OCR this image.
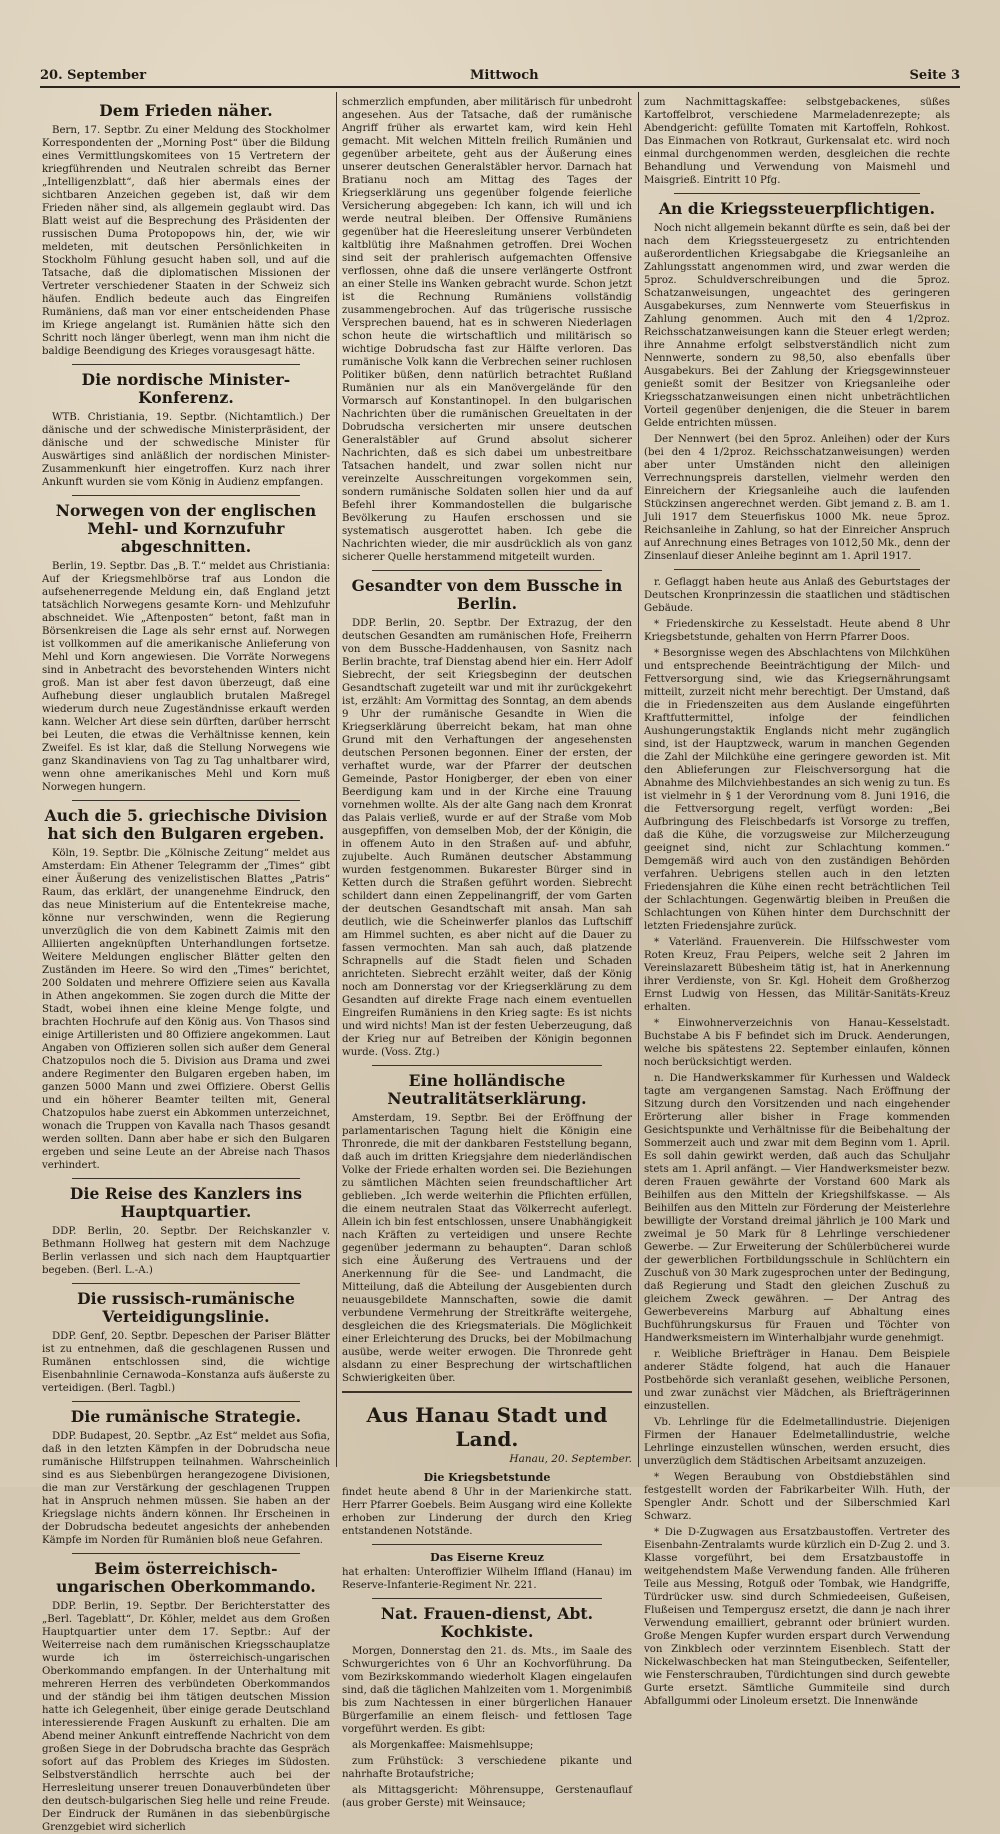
20. September	Mittwoch	Seite 3
Dem Frieden näher.

Bern, 17. Septbr. Zu einer Meldung des Stockholmer Korrespondenten der „Morning Post“ über die Bildung eines Vermittlungskomitees von 15 Vertretern der kriegführenden und Neutralen schreibt das Berner „Intelligenzblatt“, daß hier abermals eines der sichtbaren Anzeichen gegeben ist, daß wir dem Frieden näher sind, als allgemein geglaubt wird. Das Blatt weist auf die Besprechung des Präsidenten der russischen Duma Protopopows hin, der, wie wir meldeten, mit deutschen Persönlichkeiten in Stockholm Fühlung gesucht haben soll, und auf die Tatsache, daß die diplomatischen Missionen der Vertreter verschiedener Staaten in der Schweiz sich häufen. Endlich bedeute auch das Eingreifen Rumäniens, daß man vor einer entscheidenden Phase im Kriege angelangt ist. Rumänien hätte sich den Schritt noch länger überlegt, wenn man ihm nicht die baldige Beendigung des Krieges vorausgesagt hätte.

Die nordische Minister-Konferenz.

WTB. Christiania, 19. Septbr. (Nichtamtlich.) Der dänische und der schwedische Ministerpräsident, der dänische und der schwedische Minister für Auswärtiges sind anläßlich der nordischen Minister-Zusammenkunft hier eingetroffen. Kurz nach ihrer Ankunft wurden sie vom König in Audienz empfangen.

Norwegen von der englischen Mehl- und Kornzufuhr abgeschnitten.

Berlin, 19. Septbr. Das „B. T.“ meldet aus Christiania: Auf der Kriegsmehlbörse traf aus London die aufsehenerregende Meldung ein, daß England jetzt tatsächlich Norwegens gesamte Korn- und Mehlzufuhr abschneidet. Wie „Aftenposten“ betont, faßt man in Börsenkreisen die Lage als sehr ernst auf. Norwegen ist vollkommen auf die amerikanische Anlieferung von Mehl und Korn angewiesen. Die Vorräte Norwegens sind in Anbetracht des bevorstehenden Winters nicht groß. Man ist aber fest davon überzeugt, daß eine Aufhebung dieser unglaublich brutalen Maßregel wiederum durch neue Zugeständnisse erkauft werden kann. Welcher Art diese sein dürften, darüber herrscht bei Leuten, die etwas die Verhältnisse kennen, kein Zweifel. Es ist klar, daß die Stellung Norwegens wie ganz Skandinaviens von Tag zu Tag unhaltbarer wird, wenn ohne amerikanisches Mehl und Korn muß Norwegen hungern.

Auch die 5. griechische Division hat sich den Bulgaren ergeben.

Köln, 19. Septbr. Die „Kölnische Zeitung“ meldet aus Amsterdam: Ein Athener Telegramm der „Times“ gibt einer Äußerung des venizelistischen Blattes „Patris“ Raum, das erklärt, der unangenehme Eindruck, den das neue Ministerium auf die Ententekreise mache, könne nur verschwinden, wenn die Regierung unverzüglich die von dem Kabinett Zaimis mit den Alliierten angeknüpften Unterhandlungen fortsetze. Weitere Meldungen englischer Blätter gelten den Zuständen im Heere. So wird den „Times“ berichtet, 200 Soldaten und mehrere Offiziere seien aus Kavalla in Athen angekommen. Sie zogen durch die Mitte der Stadt, wobei ihnen eine kleine Menge folgte, und brachten Hochrufe auf den König aus. Von Thasos sind einige Artilleristen und 80 Offiziere angekommen. Laut Angaben von Offizieren sollen sich außer dem General Chatzopulos noch die 5. Division aus Drama und zwei andere Regimenter den Bulgaren ergeben haben, im ganzen 5000 Mann und zwei Offiziere. Oberst Gellis und ein höherer Beamter teilten mit, General Chatzopulos habe zuerst ein Abkommen unterzeichnet, wonach die Truppen von Kavalla nach Thasos gesandt werden sollten. Dann aber habe er sich den Bulgaren ergeben und seine Leute an der Abreise nach Thasos verhindert.

Die Reise des Kanzlers ins Hauptquartier.

DDP. Berlin, 20. Septbr. Der Reichskanzler v. Bethmann Hollweg hat gestern mit dem Nachzuge Berlin verlassen und sich nach dem Hauptquartier begeben. (Berl. L.-A.)

Die russisch-rumänische Verteidigungslinie.

DDP. Genf, 20. Septbr. Depeschen der Pariser Blätter ist zu entnehmen, daß die geschlagenen Russen und Rumänen entschlossen sind, die wichtige Eisenbahnlinie Cernawoda–Konstanza aufs äußerste zu verteidigen. (Berl. Tagbl.)

Die rumänische Strategie.

DDP. Budapest, 20. Septbr. „Az Est“ meldet aus Sofia, daß in den letzten Kämpfen in der Dobrudscha neue rumänische Hilfstruppen teilnahmen. Wahrscheinlich sind es aus Siebenbürgen herangezogene Divisionen, die man zur Verstärkung der geschlagenen Truppen hat in Anspruch nehmen müssen. Sie haben an der Kriegslage nichts ändern können. Ihr Erscheinen in der Dobrudscha bedeutet angesichts der anhebenden Kämpfe im Norden für Rumänien bloß neue Gefahren.

Beim österreichisch-ungarischen Oberkommando.

DDP. Berlin, 19. Septbr. Der Berichterstatter des „Berl. Tageblatt“, Dr. Köhler, meldet aus dem Großen Hauptquartier unter dem 17. Septbr.: Auf der Weiterreise nach dem rumänischen Kriegsschauplatze wurde ich im österreichisch-ungarischen Oberkommando empfangen. In der Unterhaltung mit mehreren Herren des verbündeten Oberkommandos und der ständig bei ihm tätigen deutschen Mission hatte ich Gelegenheit, über einige gerade Deutschland interessierende Fragen Auskunft zu erhalten. Die am Abend meiner Ankunft eintreffende Nachricht von dem großen Siege in der Dobrudscha brachte das Gespräch sofort auf das Problem des Krieges im Südosten. Selbstverständlich herrschte auch bei der Herresleitung unserer treuen Donauverbündeten über den deutsch-bulgarischen Sieg helle und reine Freude. Der Eindruck der Rumänen in das siebenbürgische Grenzgebiet wird sicherlich

schmerzlich empfunden, aber militärisch für unbedroht angesehen. Aus der Tatsache, daß der rumänische Angriff früher als erwartet kam, wird kein Hehl gemacht. Mit welchen Mitteln freilich Rumänien und gegenüber arbeitete, geht aus der Äußerung eines unserer deutschen Generalstäbler hervor. Darnach hat Bratianu noch am Mittag des Tages der Kriegserklärung uns gegenüber folgende feierliche Versicherung abgegeben: Ich kann, ich will und ich werde neutral bleiben. Der Offensive Rumäniens gegenüber hat die Heeresleitung unserer Verbündeten kaltblütig ihre Maßnahmen getroffen. Drei Wochen sind seit der prahlerisch aufgemachten Offensive verflossen, ohne daß die unsere verlängerte Ostfront an einer Stelle ins Wanken gebracht wurde. Schon jetzt ist die Rechnung Rumäniens vollständig zusammengebrochen. Auf das trügerische russische Versprechen bauend, hat es in schweren Niederlagen schon heute die wirtschaftlich und militärisch so wichtige Dobrudscha fast zur Hälfte verloren. Das rumänische Volk kann die Verbrechen seiner ruchlosen Politiker büßen, denn natürlich betrachtet Rußland Rumänien nur als ein Manövergelände für den Vormarsch auf Konstantinopel. In den bulgarischen Nachrichten über die rumänischen Greueltaten in der Dobrudscha versicherten mir unsere deutschen Generalstäbler auf Grund absolut sicherer Nachrichten, daß es sich dabei um unbestreitbare Tatsachen handelt, und zwar sollen nicht nur vereinzelte Ausschreitungen vorgekommen sein, sondern rumänische Soldaten sollen hier und da auf Befehl ihrer Kommandostellen die bulgarische Bevölkerung zu Haufen erschossen und sie systematisch ausgerottet haben. Ich gebe die Nachrichten wieder, die mir ausdrücklich als von ganz sicherer Quelle herstammend mitgeteilt wurden.

Gesandter von dem Bussche in Berlin.

DDP. Berlin, 20. Septbr. Der Extrazug, der den deutschen Gesandten am rumänischen Hofe, Freiherrn von dem Bussche-Haddenhausen, von Sasnitz nach Berlin brachte, traf Dienstag abend hier ein. Herr Adolf Siebrecht, der seit Kriegsbeginn der deutschen Gesandtschaft zugeteilt war und mit ihr zurückgekehrt ist, erzählt: Am Vormittag des Sonntag, an dem abends 9 Uhr der rumänische Gesandte in Wien die Kriegserklärung überreicht bekam, hat man ohne Grund mit den Verhaftungen der angesehensten deutschen Personen begonnen. Einer der ersten, der verhaftet wurde, war der Pfarrer der deutschen Gemeinde, Pastor Honigberger, der eben von einer Beerdigung kam und in der Kirche eine Trauung vornehmen wollte. Als der alte Gang nach dem Kronrat das Palais verließ, wurde er auf der Straße vom Mob ausgepfiffen, von demselben Mob, der der Königin, die in offenem Auto in den Straßen auf- und abfuhr, zujubelte. Auch Rumänen deutscher Abstammung wurden festgenommen. Bukarester Bürger sind in Ketten durch die Straßen geführt worden. Siebrecht schildert dann einen Zeppelinangriff, der vom Garten der deutschen Gesandtschaft mit ansah. Man sah deutlich, wie die Scheinwerfer planlos das Luftschiff am Himmel suchten, es aber nicht auf die Dauer zu fassen vermochten. Man sah auch, daß platzende Schrapnells auf die Stadt fielen und Schaden anrichteten. Siebrecht erzählt weiter, daß der König noch am Donnerstag vor der Kriegserklärung zu dem Gesandten auf direkte Frage nach einem eventuellen Eingreifen Rumäniens in den Krieg sagte: Es ist nichts und wird nichts! Man ist der festen Ueberzeugung, daß der Krieg nur auf Betreiben der Königin begonnen wurde. (Voss. Ztg.)

Eine holländische Neutralitätserklärung.

Amsterdam, 19. Septbr. Bei der Eröffnung der parlamentarischen Tagung hielt die Königin eine Thronrede, die mit der dankbaren Feststellung begann, daß auch im dritten Kriegsjahre dem niederländischen Volke der Friede erhalten worden sei. Die Beziehungen zu sämtlichen Mächten seien freundschaftlicher Art geblieben. „Ich werde weiterhin die Pflichten erfüllen, die einem neutralen Staat das Völkerrecht auferlegt. Allein ich bin fest entschlossen, unsere Unabhängigkeit nach Kräften zu verteidigen und unsere Rechte gegenüber jedermann zu behaupten“. Daran schloß sich eine Äußerung des Vertrauens und der Anerkennung für die See- und Landmacht, die Mitteilung, daß die Abteilung der Ausgebienten durch neuausgebildete Mannschaften, sowie die damit verbundene Vermehrung der Streitkräfte weitergehe, desgleichen die des Kriegsmaterials. Die Möglichkeit einer Erleichterung des Drucks, bei der Mobilmachung ausübe, werde weiter erwogen. Die Thronrede geht alsdann zu einer Besprechung der wirtschaftlichen Schwierigkeiten über.

Aus Hanau Stadt und Land.
Hanau, 20. September.
Die Kriegsbetstunde

findet heute abend 8 Uhr in der Marienkirche statt. Herr Pfarrer Goebels. Beim Ausgang wird eine Kollekte erhoben zur Linderung der durch den Krieg entstandenen Notstände.

Das Eiserne Kreuz

hat erhalten: Unteroffizier Wilhelm Iffland (Hanau) im Reserve-Infanterie-Regiment Nr. 221.

Nat. Frauen-dienst, Abt. Kochkiste.

Morgen, Donnerstag den 21. ds. Mts., im Saale des Schwurgerichtes von 6 Uhr an Kochvorführung. Da vom Bezirkskommando wiederholt Klagen eingelaufen sind, daß die täglichen Mahlzeiten vom 1. Morgenimbiß bis zum Nachtessen in einer bürgerlichen Hanauer Bürgerfamilie an einem fleisch- und fettlosen Tage vorgeführt werden. Es gibt:

als Morgenkaffee: Maismehlsuppe;

zum Frühstück: 3 verschiedene pikante und nahrhafte Brotaufstriche;

als Mittagsgericht: Möhrensuppe, Gerstenauflauf (aus grober Gerste) mit Weinsauce;

zum Nachmittagskaffee: selbstgebackenes, süßes Kartoffelbrot, verschiedene Marmeladenrezepte; als Abendgericht: gefüllte Tomaten mit Kartoffeln, Rohkost. Das Einmachen von Rotkraut, Gurkensalat etc. wird noch einmal durchgenommen werden, desgleichen die rechte Behandlung und Verwendung von Maismehl und Maisgrieß. Eintritt 10 Pfg.

An die Kriegssteuerpflichtigen.

Noch nicht allgemein bekannt dürfte es sein, daß bei der nach dem Kriegssteuergesetz zu entrichtenden außerordentlichen Kriegsabgabe die Kriegsanleihe an Zahlungsstatt angenommen wird, und zwar werden die 5proz. Schuldverschreibungen und die 5proz. Schatzanweisungen, ungeachtet des geringeren Ausgabekurses, zum Nennwerte vom Steuerfiskus in Zahlung genommen. Auch mit den 4 1/2proz. Reichsschatzanweisungen kann die Steuer erlegt werden; ihre Annahme erfolgt selbstverständlich nicht zum Nennwerte, sondern zu 98,50, also ebenfalls über Ausgabekurs. Bei der Zahlung der Kriegsgewinnsteuer genießt somit der Besitzer von Kriegsanleihe oder Kriegsschatzanweisungen einen nicht unbeträchtlichen Vorteil gegenüber denjenigen, die die Steuer in barem Gelde entrichten müssen.

Der Nennwert (bei den 5proz. Anleihen) oder der Kurs (bei den 4 1/2proz. Reichsschatzanweisungen) werden aber unter Umständen nicht den alleinigen Verrechnungspreis darstellen, vielmehr werden den Einreichern der Kriegsanleihe auch die laufenden Stückzinsen angerechnet werden. Gibt jemand z. B. am 1. Juli 1917 dem Steuerfiskus 1000 Mk. neue 5proz. Reichsanleihe in Zahlung, so hat der Einreicher Anspruch auf Anrechnung eines Betrages von 1012,50 Mk., denn der Zinsenlauf dieser Anleihe beginnt am 1. April 1917.

r. Geflaggt haben heute aus Anlaß des Geburtstages der Deutschen Kronprinzessin die staatlichen und städtischen Gebäude.

* Friedenskirche zu Kesselstadt. Heute abend 8 Uhr Kriegsbetstunde, gehalten von Herrn Pfarrer Doos.

* Besorgnisse wegen des Abschlachtens von Milchkühen und entsprechende Beeinträchtigung der Milch- und Fettversorgung sind, wie das Kriegsernährungsamt mitteilt, zurzeit nicht mehr berechtigt. Der Umstand, daß die in Friedenszeiten aus dem Auslande eingeführten Kraftfuttermittel, infolge der feindlichen Aushungerungstaktik Englands nicht mehr zugänglich sind, ist der Hauptzweck, warum in manchen Gegenden die Zahl der Milchkühe eine geringere geworden ist. Mit den Ablieferungen zur Fleischversorgung hat die Abnahme des Milchviehbestandes an sich wenig zu tun. Es ist vielmehr in § 1 der Verordnung vom 8. Juni 1916, die die Fettversorgung regelt, verfügt worden: „Bei Aufbringung des Fleischbedarfs ist Vorsorge zu treffen, daß die Kühe, die vorzugsweise zur Milcherzeugung geeignet sind, nicht zur Schlachtung kommen.“ Demgemäß wird auch von den zuständigen Behörden verfahren. Uebrigens stellen auch in den letzten Friedensjahren die Kühe einen recht beträchtlichen Teil der Schlachtungen. Gegenwärtig bleiben in Preußen die Schlachtungen von Kühen hinter dem Durchschnitt der letzten Friedensjahre zurück.

* Vaterländ. Frauenverein. Die Hilfsschwester vom Roten Kreuz, Frau Peipers, welche seit 2 Jahren im Vereinslazarett Bübesheim tätig ist, hat in Anerkennung ihrer Verdienste, von Sr. Kgl. Hoheit dem Großherzog Ernst Ludwig von Hessen, das Militär-Sanitäts-Kreuz erhalten.

* Einwohnerverzeichnis von Hanau–Kesselstadt. Buchstabe A bis F befindet sich im Druck. Aenderungen, welche bis spätestens 22. September einlaufen, können noch berücksichtigt werden.

n. Die Handwerkskammer für Kurhessen und Waldeck tagte am vergangenen Samstag. Nach Eröffnung der Sitzung durch den Vorsitzenden und nach eingehender Erörterung aller bisher in Frage kommenden Gesichtspunkte und Verhältnisse für die Beibehaltung der Sommerzeit auch und zwar mit dem Beginn vom 1. April. Es soll dahin gewirkt werden, daß auch das Schuljahr stets am 1. April anfängt. — Vier Handwerksmeister bezw. deren Frauen gewährte der Vorstand 600 Mark als Beihilfen aus den Mitteln der Kriegshilfskasse. — Als Beihilfen aus den Mitteln zur Förderung der Meisterlehre bewilligte der Vorstand dreimal jährlich je 100 Mark und zweimal je 50 Mark für 8 Lehrlinge verschiedener Gewerbe. — Zur Erweiterung der Schülerbücherei wurde der gewerblichen Fortbildungsschule in Schlüchtern ein Zuschuß von 30 Mark zugesprochen unter der Bedingung, daß Regierung und Stadt den gleichen Zuschuß zu gleichem Zweck gewähren. — Der Antrag des Gewerbevereins Marburg auf Abhaltung eines Buchführungskursus für Frauen und Töchter von Handwerksmeistern im Winterhalbjahr wurde genehmigt.

r. Weibliche Briefträger in Hanau. Dem Beispiele anderer Städte folgend, hat auch die Hanauer Postbehörde sich veranlaßt gesehen, weibliche Personen, und zwar zunächst vier Mädchen, als Briefträgerinnen einzustellen.

Vb. Lehrlinge für die Edelmetallindustrie. Diejenigen Firmen der Hanauer Edelmetallindustrie, welche Lehrlinge einzustellen wünschen, werden ersucht, dies unverzüglich dem Städtischen Arbeitsamt anzuzeigen.

* Wegen Beraubung von Obstdiebstählen sind festgestellt worden der Fabrikarbeiter Wilh. Huth, der Spengler Andr. Schott und der Silberschmied Karl Schwarz.

* Die D-Zugwagen aus Ersatzbaustoffen. Vertreter des Eisenbahn-Zentralamts wurde kürzlich ein D-Zug 2. und 3. Klasse vorgeführt, bei dem Ersatzbaustoffe in weitgehendstem Maße Verwendung fanden. Alle früheren Teile aus Messing, Rotguß oder Tombak, wie Handgriffe, Türdrücker usw. sind durch Schmiedeeisen, Gußeisen, Flußeisen und Tempergusz ersetzt, die dann je nach ihrer Verwendung emailliert, gebrannt oder brüniert wurden. Große Mengen Kupfer wurden erspart durch Verwendung von Zinkblech oder verzinntem Eisenblech. Statt der Nickelwaschbecken hat man Steingutbecken, Seifenteller, wie Fensterschrauben, Türdichtungen sind durch gewebte Gurte ersetzt. Sämtliche Gummiteile sind durch Abfallgummi oder Linoleum ersetzt. Die Innenwände
